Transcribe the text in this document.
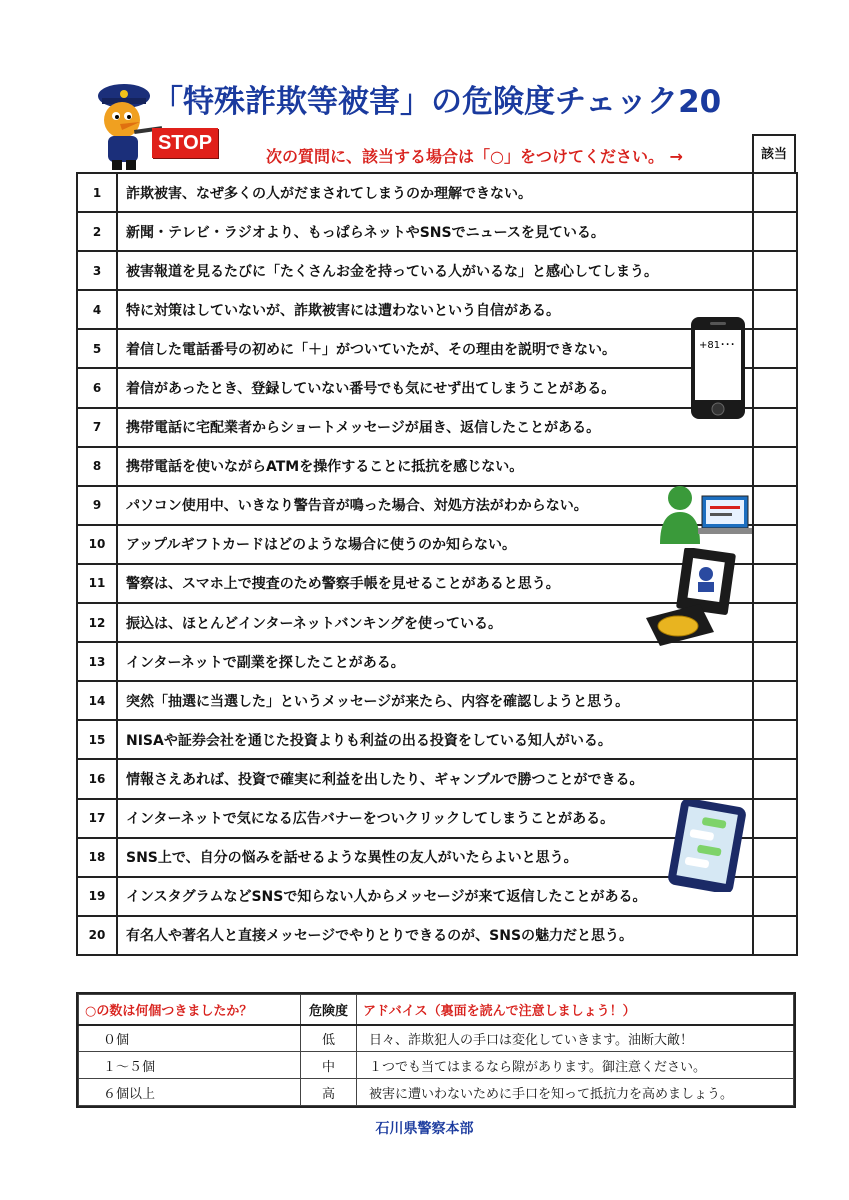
「特殊詐欺等被害」の危険度チェック20
STOP
次の質問に、該当する場合は「○」をつけてください。 →	該当
1	詐欺被害、なぜ多くの人がだまされてしまうのか理解できない。	
2	新聞・テレビ・ラジオより、もっぱらネットやSNSでニュースを見ている。	
3	被害報道を見るたびに「たくさんお金を持っている人がいるな」と感心してしまう。	
4	特に対策はしていないが、詐欺被害には遭わないという自信がある。	
5	着信した電話番号の初めに「＋」がついていたが、その理由を説明できない。	
6	着信があったとき、登録していない番号でも気にせず出てしまうことがある。	
7	携帯電話に宅配業者からショートメッセージが届き、返信したことがある。	
8	携帯電話を使いながらATMを操作することに抵抗を感じない。	
9	パソコン使用中、いきなり警告音が鳴った場合、対処方法がわからない。	
10	アップルギフトカードはどのような場合に使うのか知らない。	
11	警察は、スマホ上で捜査のため警察手帳を見せることがあると思う。	
12	振込は、ほとんどインターネットバンキングを使っている。	
13	インターネットで副業を探したことがある。	
14	突然「抽選に当選した」というメッセージが来たら、内容を確認しようと思う。	
15	NISAや証券会社を通じた投資よりも利益の出る投資をしている知人がいる。	
16	情報さえあれば、投資で確実に利益を出したり、ギャンブルで勝つことができる。	
17	インターネットで気になる広告バナーをついクリックしてしまうことがある。	
18	SNS上で、自分の悩みを話せるような異性の友人がいたらよいと思う。	
19	インスタグラムなどSNSで知らない人からメッセージが来て返信したことがある。	
20	有名人や著名人と直接メッセージでやりとりできるのが、SNSの魅力だと思う。	
+81･･･
○の数は何個つきましたか？	危険度	アドバイス（裏面を読んで注意しましょう！）
０個	低	日々、詐欺犯人の手口は変化していきます。油断大敵！
１～５個	中	１つでも当てはまるなら隙があります。御注意ください。
６個以上	高	被害に遭いわないために手口を知って抵抗力を高めましょう。
石川県警察本部
